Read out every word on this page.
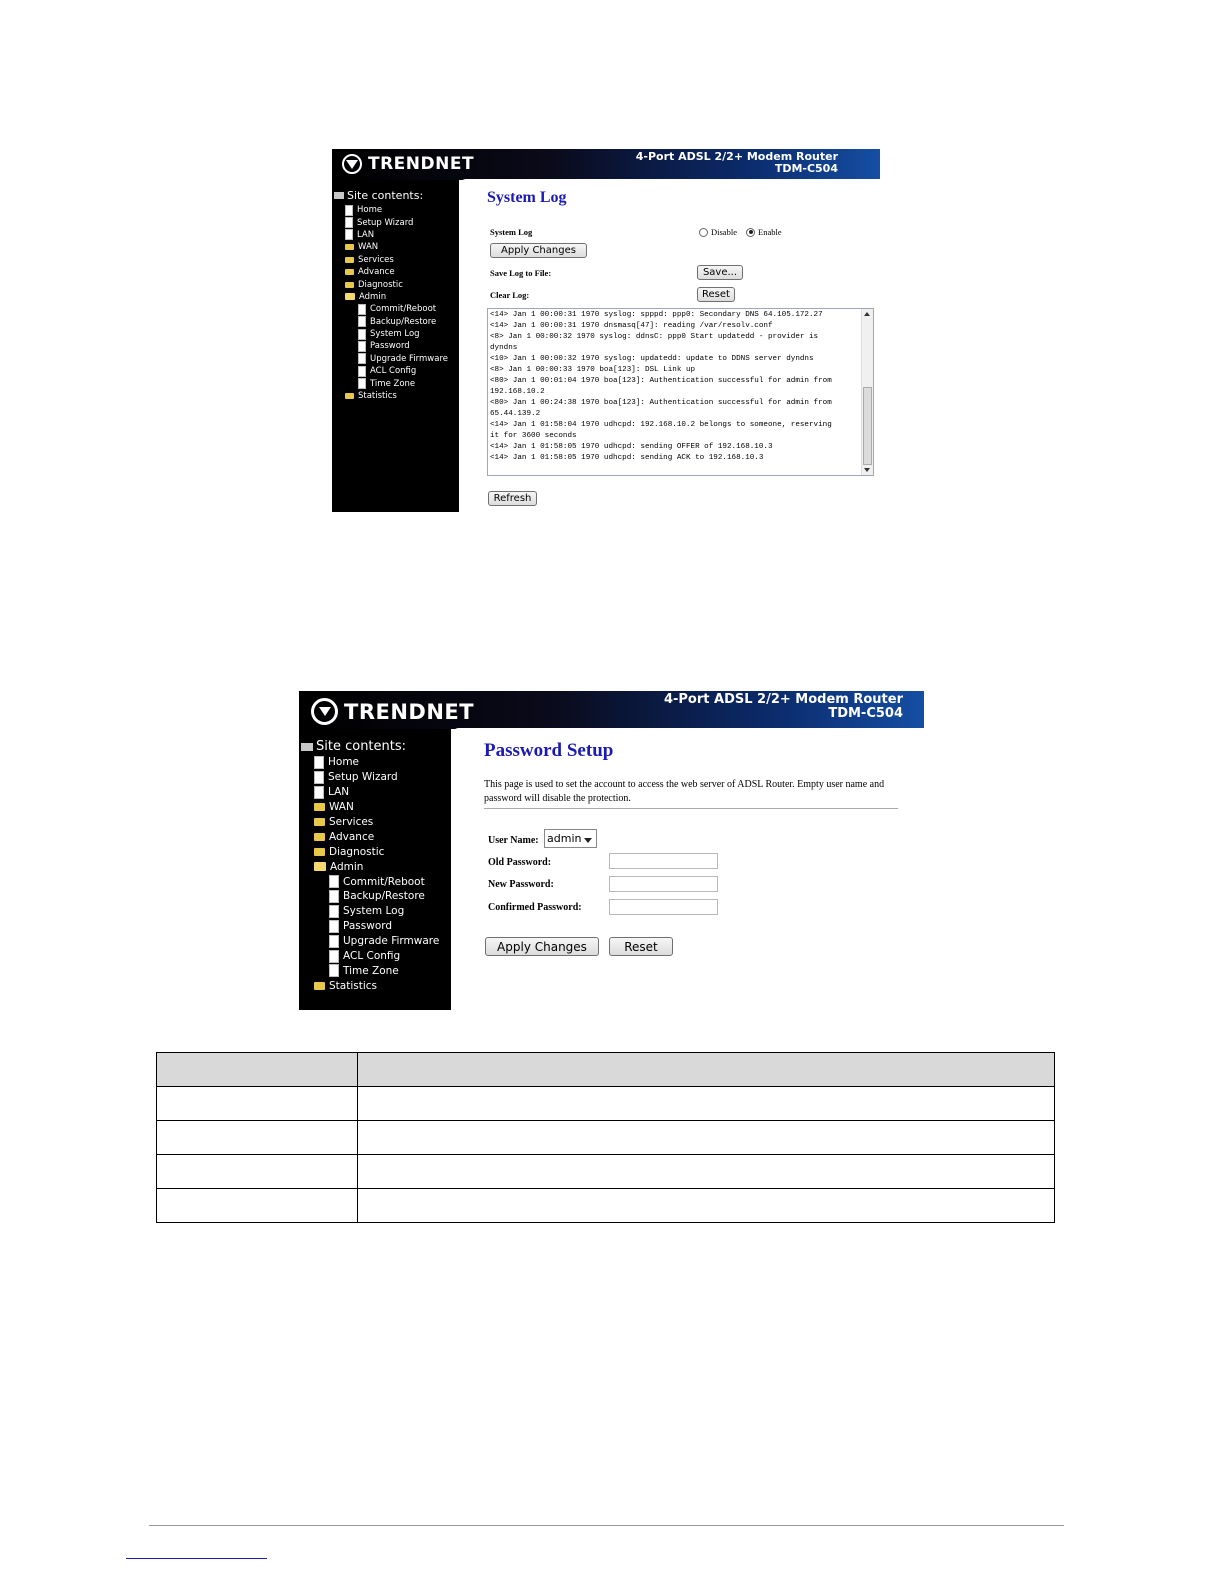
TRENDNET	4-Port ADSL 2/2+ Modem Router
TDM-C504
Site contents:
Home
Setup Wizard
LAN
WAN
Services
Advance
Diagnostic
Admin
Commit/Reboot
Backup/Restore
System Log
Password
Upgrade Firmware
ACL Config
Time Zone
Statistics
System Log
System Log	Disable Enable
Apply Changes
Save Log to File:	Save...
Clear Log:	Reset
<14> Jan 1 00:00:31 1970 syslog: spppd: ppp0: Secondary DNS 64.105.172.27
<14> Jan 1 00:00:31 1970 dnsmasq[47]: reading /var/resolv.conf
<8> Jan 1 00:00:32 1970 syslog: ddnsC: ppp0 Start updatedd - provider is
dyndns
<10> Jan 1 00:00:32 1970 syslog: updatedd: update to DDNS server dyndns
<8> Jan 1 00:00:33 1970 boa[123]: DSL Link up
<80> Jan 1 00:01:04 1970 boa[123]: Authentication successful for admin from
192.168.10.2
<80> Jan 1 00:24:38 1970 boa[123]: Authentication successful for admin from
65.44.139.2
<14> Jan 1 01:58:04 1970 udhcpd: 192.168.10.2 belongs to someone, reserving
it for 3600 seconds
<14> Jan 1 01:58:05 1970 udhcpd: sending OFFER of 192.168.10.3
<14> Jan 1 01:58:05 1970 udhcpd: sending ACK to 192.168.10.3
Refresh
TRENDNET	4-Port ADSL 2/2+ Modem Router
TDM-C504
Site contents:
Home
Setup Wizard
LAN
WAN
Services
Advance
Diagnostic
Admin
Commit/Reboot
Backup/Restore
System Log
Password
Upgrade Firmware
ACL Config
Time Zone
Statistics
Password Setup
This page is used to set the account to access the web server of ADSL Router. Empty user name and password will disable the protection.
User Name: admin
Old Password:
New Password:
Confirmed Password:
Apply Changes	Reset
